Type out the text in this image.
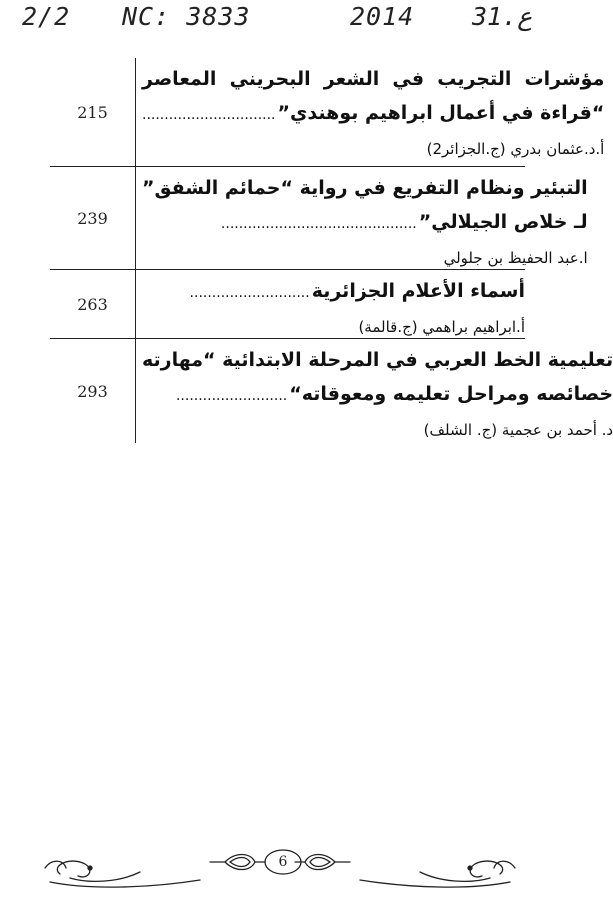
2/2 NC: 3833	2014 31.ع
215
مؤشرات التجريب في الشعر البحريني المعاصر
“قراءة في أعمال ابراهيم بوهندي”..............................
أ.د.عثمان بدري (ج.الجزائر2)
239
التبئير ونظام التفريع في رواية “حمائم الشفق”
لـ خلاص الجيلالي”............................................
ا.عبد الحفيظ بن جلولي
263
أسماء الأعلام الجزائرية...........................
أ.ابراهيم براهمي (ج.قالمة)
293
تعليمية الخط العربي في المرحلة الابتدائية “مهارته
خصائصه ومراحل تعليمه ومعوقاته“.........................
د. أحمد بن عجمية (ج. الشلف)
6
